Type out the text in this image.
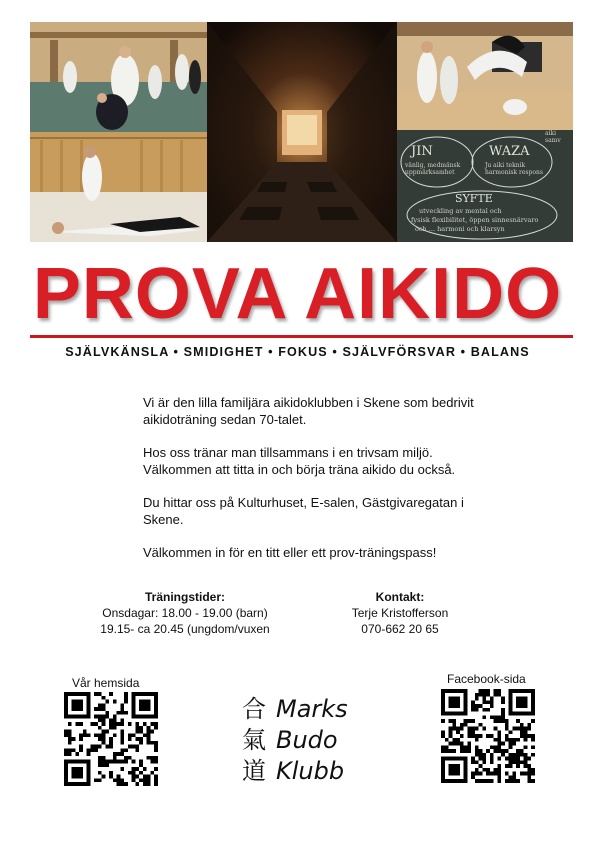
JIN
vänlig, medmänsk
uppmärksamhet
WAZA
Ju aiki teknik
harmonisk respons
aiki samv
SYFTE
utveckling av mental och
fysisk flexibilitet, öppen sinnesnärvaro
och ... harmoni och klarsyn
PROVA AIKIDO
SJÄLVKÄNSLA • SMIDIGHET • FOKUS • SJÄLVFÖRSVAR • BALANS

Vi är den lilla familjära aikidoklubben i Skene som bedrivit aikidoträning sedan 70-talet.

Hos oss tränar man tillsammans i en trivsam miljö. Välkommen att titta in och börja träna aikido du också.

Du hittar oss på Kulturhuset, E-salen, Gästgivaregatan i Skene.

Välkommen in för en titt eller ett prov-träningspass!

Träningstider:
Onsdagar: 18.00 - 19.00 (barn)
19.15- ca 20.45 (ungdom/vuxen
Kontakt:
Terje Kristofferson
070-662 20 65
Vår hemsida	Facebook-sida
合 Marks
氣 Budo
道 Klubb
